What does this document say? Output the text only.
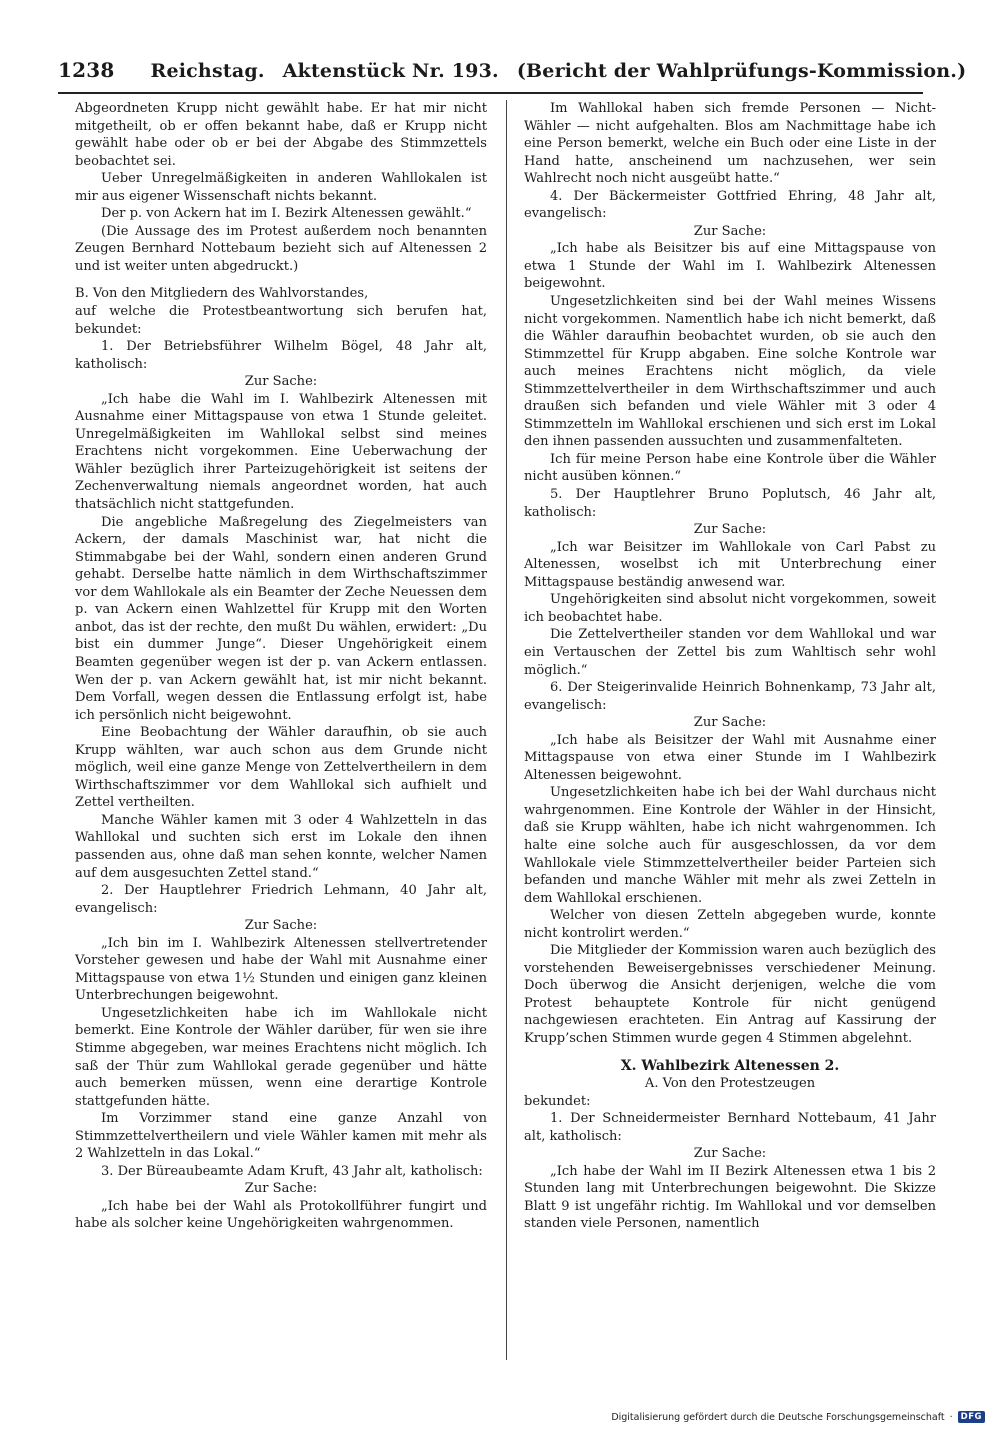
1238 Reichstag. Aktenstück Nr. 193. (Bericht der Wahlprüfungs-Kommission.)

Abgeordneten Krupp nicht gewählt habe. Er hat mir nicht mitgetheilt, ob er offen bekannt habe, daß er Krupp nicht gewählt habe oder ob er bei der Abgabe des Stimmzettels beobachtet sei.

Ueber Unregelmäßigkeiten in anderen Wahllokalen ist mir aus eigener Wissenschaft nichts bekannt.

Der p. von Ackern hat im I. Bezirk Altenessen gewählt.“

(Die Aussage des im Protest außerdem noch benannten Zeugen Bernhard Nottebaum bezieht sich auf Altenessen 2 und ist weiter unten abgedruckt.)

B. Von den Mitgliedern des Wahlvorstandes,

auf welche die Protestbeantwortung sich berufen hat, bekundet:

1. Der Betriebsführer Wilhelm Bögel, 48 Jahr alt, katholisch:

Zur Sache:

„Ich habe die Wahl im I. Wahlbezirk Altenessen mit Ausnahme einer Mittagspause von etwa 1 Stunde geleitet. Unregelmäßigkeiten im Wahllokal selbst sind meines Erachtens nicht vorgekommen. Eine Ueberwachung der Wähler bezüglich ihrer Parteizugehörigkeit ist seitens der Zechenverwaltung niemals angeordnet worden, hat auch thatsächlich nicht stattgefunden.

Die angebliche Maßregelung des Ziegelmeisters van Ackern, der damals Maschinist war, hat nicht die Stimmabgabe bei der Wahl, sondern einen anderen Grund gehabt. Derselbe hatte nämlich in dem Wirthschaftszimmer vor dem Wahllokale als ein Beamter der Zeche Neuessen dem p. van Ackern einen Wahlzettel für Krupp mit den Worten anbot, das ist der rechte, den mußt Du wählen, erwidert: „Du bist ein dummer Junge“. Dieser Ungehörigkeit einem Beamten gegenüber wegen ist der p. van Ackern entlassen. Wen der p. van Ackern gewählt hat, ist mir nicht bekannt. Dem Vorfall, wegen dessen die Entlassung erfolgt ist, habe ich persönlich nicht beigewohnt.

Eine Beobachtung der Wähler daraufhin, ob sie auch Krupp wählten, war auch schon aus dem Grunde nicht möglich, weil eine ganze Menge von Zettelvertheilern in dem Wirthschaftszimmer vor dem Wahllokal sich aufhielt und Zettel vertheilten.

Manche Wähler kamen mit 3 oder 4 Wahlzetteln in das Wahllokal und suchten sich erst im Lokale den ihnen passenden aus, ohne daß man sehen konnte, welcher Namen auf dem ausgesuchten Zettel stand.“

2. Der Hauptlehrer Friedrich Lehmann, 40 Jahr alt, evangelisch:

Zur Sache:

„Ich bin im I. Wahlbezirk Altenessen stellvertretender Vorsteher gewesen und habe der Wahl mit Ausnahme einer Mittagspause von etwa 1½ Stunden und einigen ganz kleinen Unterbrechungen beigewohnt.

Ungesetzlichkeiten habe ich im Wahllokale nicht bemerkt. Eine Kontrole der Wähler darüber, für wen sie ihre Stimme abgegeben, war meines Erachtens nicht möglich. Ich saß der Thür zum Wahllokal gerade gegenüber und hätte auch bemerken müssen, wenn eine derartige Kontrole stattgefunden hätte.

Im Vorzimmer stand eine ganze Anzahl von Stimmzettelvertheilern und viele Wähler kamen mit mehr als 2 Wahlzetteln in das Lokal.“

3. Der Büreaubeamte Adam Kruft, 43 Jahr alt, katholisch:

Zur Sache:

„Ich habe bei der Wahl als Protokollführer fungirt und habe als solcher keine Ungehörigkeiten wahrgenommen.

Im Wahllokal haben sich fremde Personen — Nicht-Wähler — nicht aufgehalten. Blos am Nachmittage habe ich eine Person bemerkt, welche ein Buch oder eine Liste in der Hand hatte, anscheinend um nachzusehen, wer sein Wahlrecht noch nicht ausgeübt hatte.“

4. Der Bäckermeister Gottfried Ehring, 48 Jahr alt, evangelisch:

Zur Sache:

„Ich habe als Beisitzer bis auf eine Mittagspause von etwa 1 Stunde der Wahl im I. Wahlbezirk Altenessen beigewohnt.

Ungesetzlichkeiten sind bei der Wahl meines Wissens nicht vorgekommen. Namentlich habe ich nicht bemerkt, daß die Wähler daraufhin beobachtet wurden, ob sie auch den Stimmzettel für Krupp abgaben. Eine solche Kontrole war auch meines Erachtens nicht möglich, da viele Stimmzettelvertheiler in dem Wirthschaftszimmer und auch draußen sich befanden und viele Wähler mit 3 oder 4 Stimmzetteln im Wahllokal erschienen und sich erst im Lokal den ihnen passenden aussuchten und zusammenfalteten.

Ich für meine Person habe eine Kontrole über die Wähler nicht ausüben können.“

5. Der Hauptlehrer Bruno Poplutsch, 46 Jahr alt, katholisch:

Zur Sache:

„Ich war Beisitzer im Wahllokale von Carl Pabst zu Altenessen, woselbst ich mit Unterbrechung einer Mittagspause beständig anwesend war.

Ungehörigkeiten sind absolut nicht vorgekommen, soweit ich beobachtet habe.

Die Zettelvertheiler standen vor dem Wahllokal und war ein Vertauschen der Zettel bis zum Wahltisch sehr wohl möglich.“

6. Der Steigerinvalide Heinrich Bohnenkamp, 73 Jahr alt, evangelisch:

Zur Sache:

„Ich habe als Beisitzer der Wahl mit Ausnahme einer Mittagspause von etwa einer Stunde im I Wahlbezirk Altenessen beigewohnt.

Ungesetzlichkeiten habe ich bei der Wahl durchaus nicht wahrgenommen. Eine Kontrole der Wähler in der Hinsicht, daß sie Krupp wählten, habe ich nicht wahrgenommen. Ich halte eine solche auch für ausgeschlossen, da vor dem Wahllokale viele Stimmzettelvertheiler beider Parteien sich befanden und manche Wähler mit mehr als zwei Zetteln in dem Wahllokal erschienen.

Welcher von diesen Zetteln abgegeben wurde, konnte nicht kontrolirt werden.“

Die Mitglieder der Kommission waren auch bezüglich des vorstehenden Beweisergebnisses verschiedener Meinung. Doch überwog die Ansicht derjenigen, welche die vom Protest behauptete Kontrole für nicht genügend nachgewiesen erachteten. Ein Antrag auf Kassirung der Krupp’schen Stimmen wurde gegen 4 Stimmen abgelehnt.

X. Wahlbezirk Altenessen 2.

A. Von den Protestzeugen

bekundet:

1. Der Schneidermeister Bernhard Nottebaum, 41 Jahr alt, katholisch:

Zur Sache:

„Ich habe der Wahl im II Bezirk Altenessen etwa 1 bis 2 Stunden lang mit Unterbrechungen beigewohnt. Die Skizze Blatt 9 ist ungefähr richtig. Im Wahllokal und vor demselben standen viele Personen, namentlich

Digitalisierung gefördert durch die Deutsche Forschungsgemeinschaft · DFG
